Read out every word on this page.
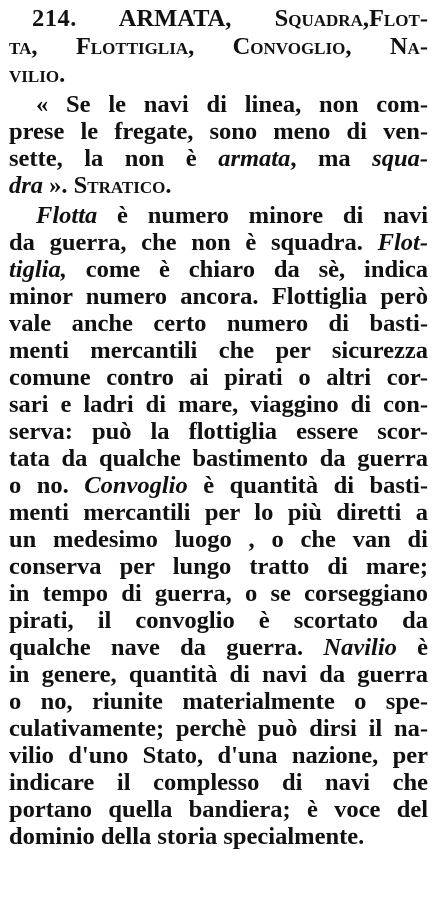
214. ARMATA, Squadra,Flot-
ta, Flottiglia, Convoglio, Na-
vilio.
« Se le navi di linea, non com-
prese le fregate, sono meno di ven-
sette, la non è armata, ma squa-
dra ». Stratico.
Flotta è numero minore di navi
da guerra, che non è squadra. Flot-
tiglia, come è chiaro da sè, indica
minor numero ancora. Flottiglia però
vale anche certo numero di basti-
menti mercantili che per sicurezza
comune contro ai pirati o altri cor-
sari e ladri di mare, viaggino di con-
serva: può la flottiglia essere scor-
tata da qualche bastimento da guerra
o no. Convoglio è quantità di basti-
menti mercantili per lo più diretti a
un medesimo luogo , o che van di
conserva per lungo tratto di mare;
in tempo di guerra, o se corseggiano
pirati, il convoglio è scortato da
qualche nave da guerra. Navilio è
in genere, quantità di navi da guerra
o no, riunite materialmente o spe-
culativamente; perchè può dirsi il na-
vilio d'uno Stato, d'una nazione, per
indicare il complesso di navi che
portano quella bandiera; è voce del
dominio della storia specialmente.
